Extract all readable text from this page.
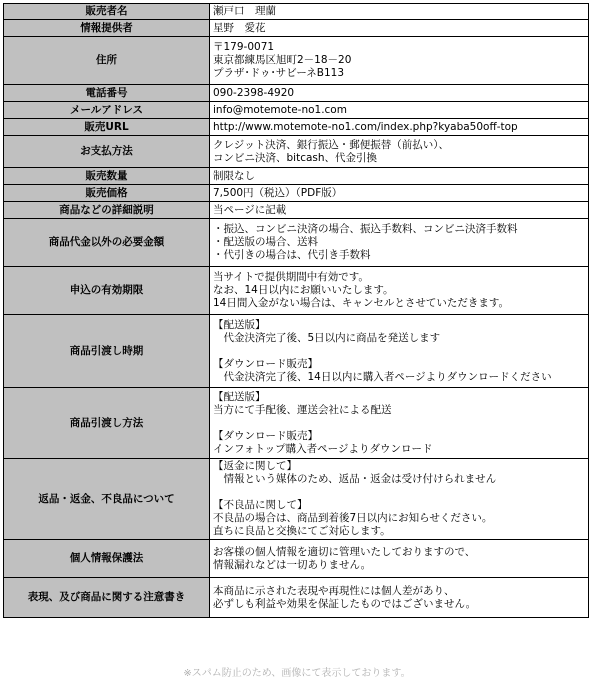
販売者名	瀬戸口　理蘭
情報提供者	星野　愛花
住所	〒179-0071
東京都練馬区旭町2－18－20
プラザ･ドゥ･サビーネB113
電話番号	090-2398-4920
メールアドレス	info@motemote-no1.com
販売URL	http://www.motemote-no1.com/index.php?kyaba50off-top
お支払方法	クレジット決済、銀行振込・郵便振替（前払い）、
コンビニ決済、bitcash、代金引換
販売数量	制限なし
販売価格	7,500円（税込）（PDF版）
商品などの詳細説明	当ページに記載
商品代金以外の必要金額	・振込、コンビニ決済の場合、振込手数料、コンビニ決済手数料
・配送版の場合、送料
・代引きの場合は、代引き手数料
申込の有効期限	当サイトで提供期間中有効です。
なお、14日以内にお願いいたします。
14日間入金がない場合は、キャンセルとさせていただきます。
商品引渡し時期	【配送版】
　代金決済完了後、5日以内に商品を発送します

【ダウンロード販売】
　代金決済完了後、14日以内に購入者ページよりダウンロードください
商品引渡し方法	【配送版】
当方にて手配後、運送会社による配送

【ダウンロード販売】
インフォトップ購入者ページよりダウンロード
返品・返金、不良品について	【返金に関して】
　情報という媒体のため、返品・返金は受け付けられません

【不良品に関して】
不良品の場合は、商品到着後7日以内にお知らせください。
直ちに良品と交換にてご対応します。
個人情報保護法	お客様の個人情報を適切に管理いたしておりますので、
情報漏れなどは一切ありません。
表現、及び商品に関する注意書き	本商品に示された表現や再現性には個人差があり、
必ずしも利益や効果を保証したものではございません。
※スパム防止のため、画像にて表示しております。
